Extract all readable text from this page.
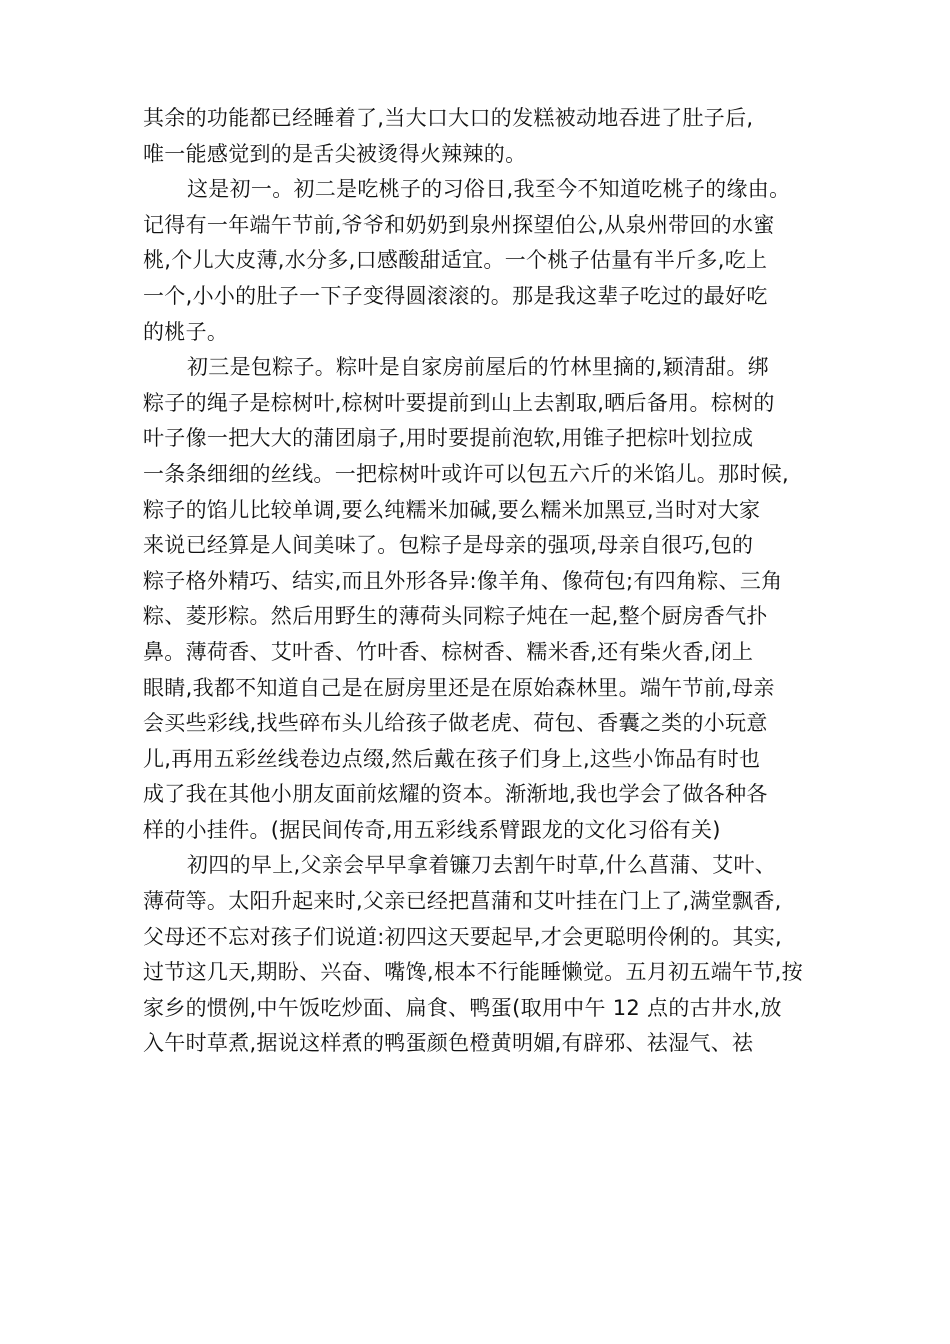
其余的功能都已经睡着了,当大口大口的发糕被动地吞进了肚子后,
唯一能感觉到的是舌尖被烫得火辣辣的。
这是初一。初二是吃桃子的习俗日,我至今不知道吃桃子的缘由。
记得有一年端午节前,爷爷和奶奶到泉州探望伯公,从泉州带回的水蜜
桃,个儿大皮薄,水分多,口感酸甜适宜。一个桃子估量有半斤多,吃上
一个,小小的肚子一下子变得圆滚滚的。那是我这辈子吃过的最好吃
的桃子。
初三是包粽子。粽叶是自家房前屋后的竹林里摘的,颖清甜。绑
粽子的绳子是棕树叶,棕树叶要提前到山上去割取,晒后备用。棕树的
叶子像一把大大的蒲团扇子,用时要提前泡软,用锥子把棕叶划拉成
一条条细细的丝线。一把棕树叶或许可以包五六斤的米馅儿。那时候,
粽子的馅儿比较单调,要么纯糯米加碱,要么糯米加黑豆,当时对大家
来说已经算是人间美味了。包粽子是母亲的强项,母亲自很巧,包的
粽子格外精巧、结实,而且外形各异:像羊角、像荷包;有四角粽、三角
粽、菱形粽。然后用野生的薄荷头同粽子炖在一起,整个厨房香气扑
鼻。薄荷香、艾叶香、竹叶香、棕树香、糯米香,还有柴火香,闭上
眼睛,我都不知道自己是在厨房里还是在原始森林里。端午节前,母亲
会买些彩线,找些碎布头儿给孩子做老虎、荷包、香囊之类的小玩意
儿,再用五彩丝线卷边点缀,然后戴在孩子们身上,这些小饰品有时也
成了我在其他小朋友面前炫耀的资本。渐渐地,我也学会了做各种各
样的小挂件。(据民间传奇,用五彩线系臂跟龙的文化习俗有关)
初四的早上,父亲会早早拿着镰刀去割午时草,什么菖蒲、艾叶、
薄荷等。太阳升起来时,父亲已经把菖蒲和艾叶挂在门上了,满堂飘香,
父母还不忘对孩子们说道:初四这天要起早,才会更聪明伶俐的。其实,
过节这几天,期盼、兴奋、嘴馋,根本不行能睡懒觉。五月初五端午节,按
家乡的惯例,中午饭吃炒面、扁食、鸭蛋(取用中午 12 点的古井水,放
入午时草煮,据说这样煮的鸭蛋颜色橙黄明媚,有辟邪、祛湿气、祛
